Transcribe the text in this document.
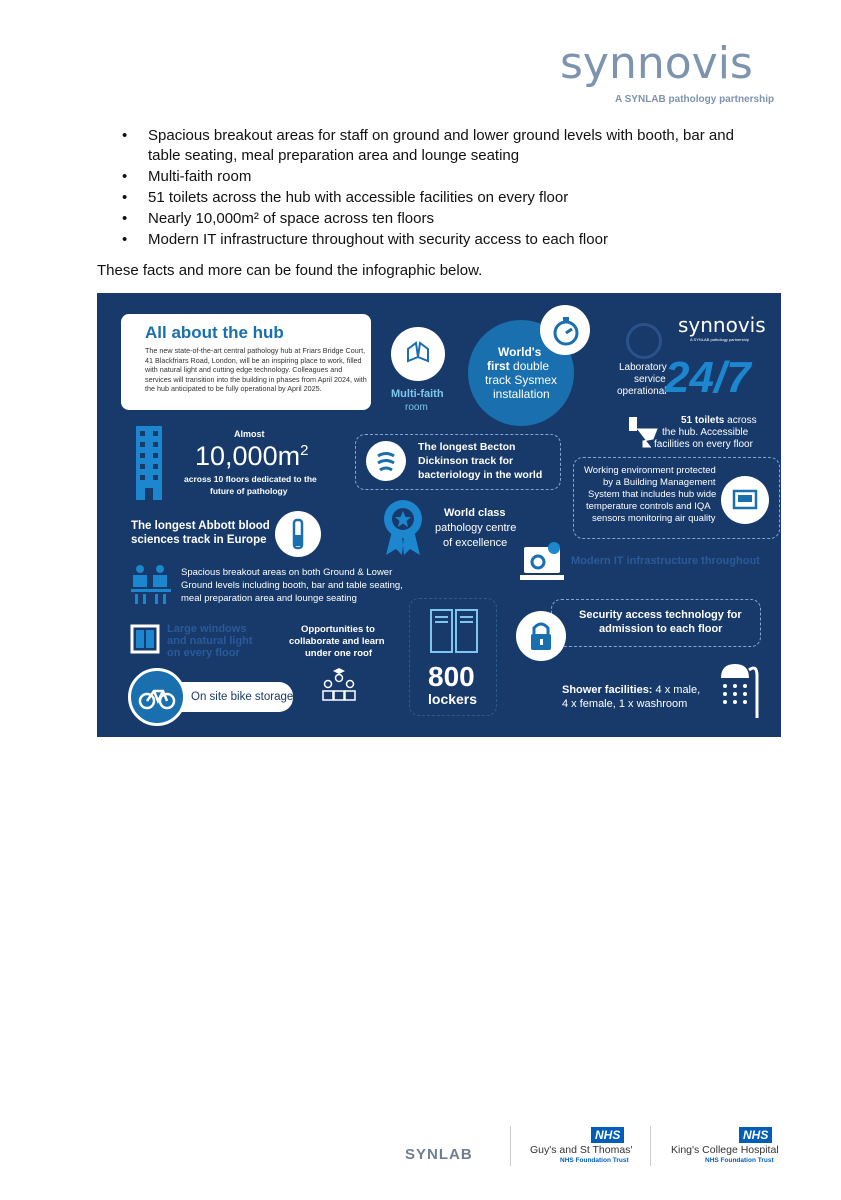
synnovis
A SYNLAB pathology partnership
• Spacious breakout areas for staff on ground and lower ground levels with booth, bar and table seating, meal preparation area and lounge seating
• Multi-faith room
• 51 toilets across the hub with accessible facilities on every floor
• Nearly 10,000m² of space across ten floors
• Modern IT infrastructure throughout with security access to each floor
These facts and more can be found the infographic below.
All about the hub

The new state-of-the-art central pathology hub at Friars Bridge Court, 41 Blackfriars Road, London, will be an inspiring place to work, filled with natural light and cutting edge technology. Colleagues and services will transition into the building in phases from April 2024, with the hub anticipated to be fully operational by April 2025.	Multi-faith
room
World's
first double
track Sysmex
installation
synnovis
A SYNLAB pathology partnership
Laboratory
service
operational
24/7
51 toilets across
the hub. Accessible
facilities on every floor
Almost
$10,000m^2$
across 10 floors dedicated to the
future of pathology
The longest Becton
Dickinson track for
bacteriology in the world	Working environment protected
by a Building Management
System that includes hub wide
temperature controls and IQA
sensors monitoring air quality
The longest Abbott blood
sciences track in Europe
World class
pathology centre
of excellence
Modern IT infrastructure throughout
Spacious breakout areas on both Ground & Lower
Ground levels including booth, bar and table seating,
meal preparation area and lounge seating
800
lockers
Security access technology for
admission to each floor
Large windows
and natural light
on every floor
Opportunities to
collaborate and learn
under one roof
On site bike storage
Shower facilities: 4 x male,
4 x female, 1 x washroom
SYNLAB
NHS
Guy's and St Thomas'
NHS Foundation Trust
NHS
King's College Hospital
NHS Foundation Trust
